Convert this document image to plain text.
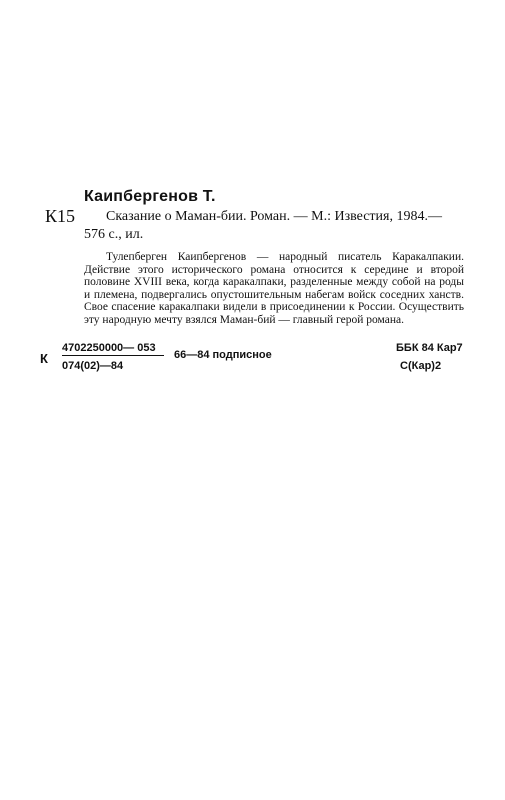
Каипбергенов Т.
К15	Сказание о Маман-бии. Роман. — М.: Известия, 1984.—
576 с., ил.
Тулепберген Каипбергенов — народный писатель Каракалпакии. Действие этого исторического романа относится к середине и второй половине XVIII века, когда каракалпаки, разделенные между собой на роды и племена, подвергались опустошительным набегам войск соседних ханств. Свое спасение каракалпаки видели в присоединении к России. Осуществить эту народную мечту взялся Маман-бий — главный герой романа.
К $\frac{4702250000— 053}{074(02)—84}$ 66—84 подписное
ББК 84 Кар7
С(Кар)2
